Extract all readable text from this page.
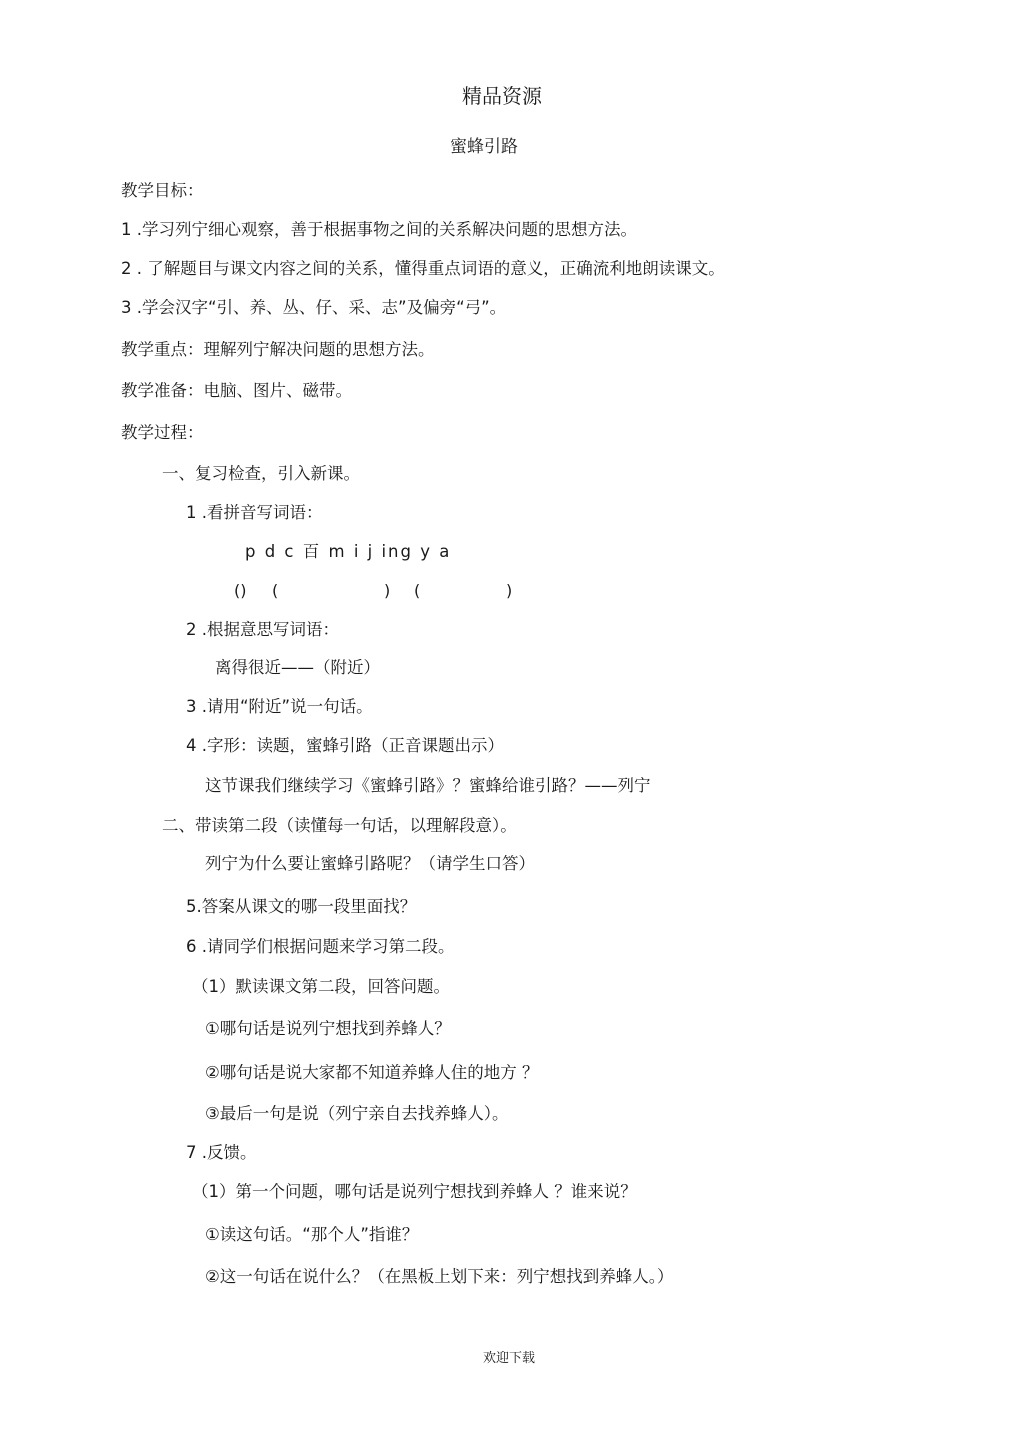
精品资源
蜜蜂引路
教学目标：
1 .学习列宁细心观察，善于根据事物之间的关系解决问题的思想方法。
2 . 了解题目与课文内容之间的关系，懂得重点词语的意义，正确流利地朗读课文。
3 .学会汉字“引、养、丛、仔、采、志”及偏旁“弓”。
教学重点：理解列宁解决问题的思想方法。
教学准备：电脑、图片、磁带。
教学过程：
一、复习检查，引入新课。
1 .看拼音写词语：
p d c 百 m i j ing y a
() (	) (	)
2 .根据意思写词语：
离得很近——（附近）
3 .请用“附近”说一句话。
4 .字形：读题，蜜蜂引路（正音课题出示）
这节课我们继续学习《蜜蜂引路》？蜜蜂给谁引路？——列宁
二、带读第二段（读懂每一句话，以理解段意）。
列宁为什么要让蜜蜂引路呢？（请学生口答）
5.答案从课文的哪一段里面找？
6 .请同学们根据问题来学习第二段。
（1）默读课文第二段，回答问题。
①哪句话是说列宁想找到养蜂人？
②哪句话是说大家都不知道养蜂人住的地方 ？
③最后一句是说（列宁亲自去找养蜂人）。
7 .反馈。
（1）第一个问题，哪句话是说列宁想找到养蜂人 ？谁来说？
①读这句话。“那个人”指谁？
②这一句话在说什么？（在黑板上划下来：列宁想找到养蜂人。）
欢迎下载
